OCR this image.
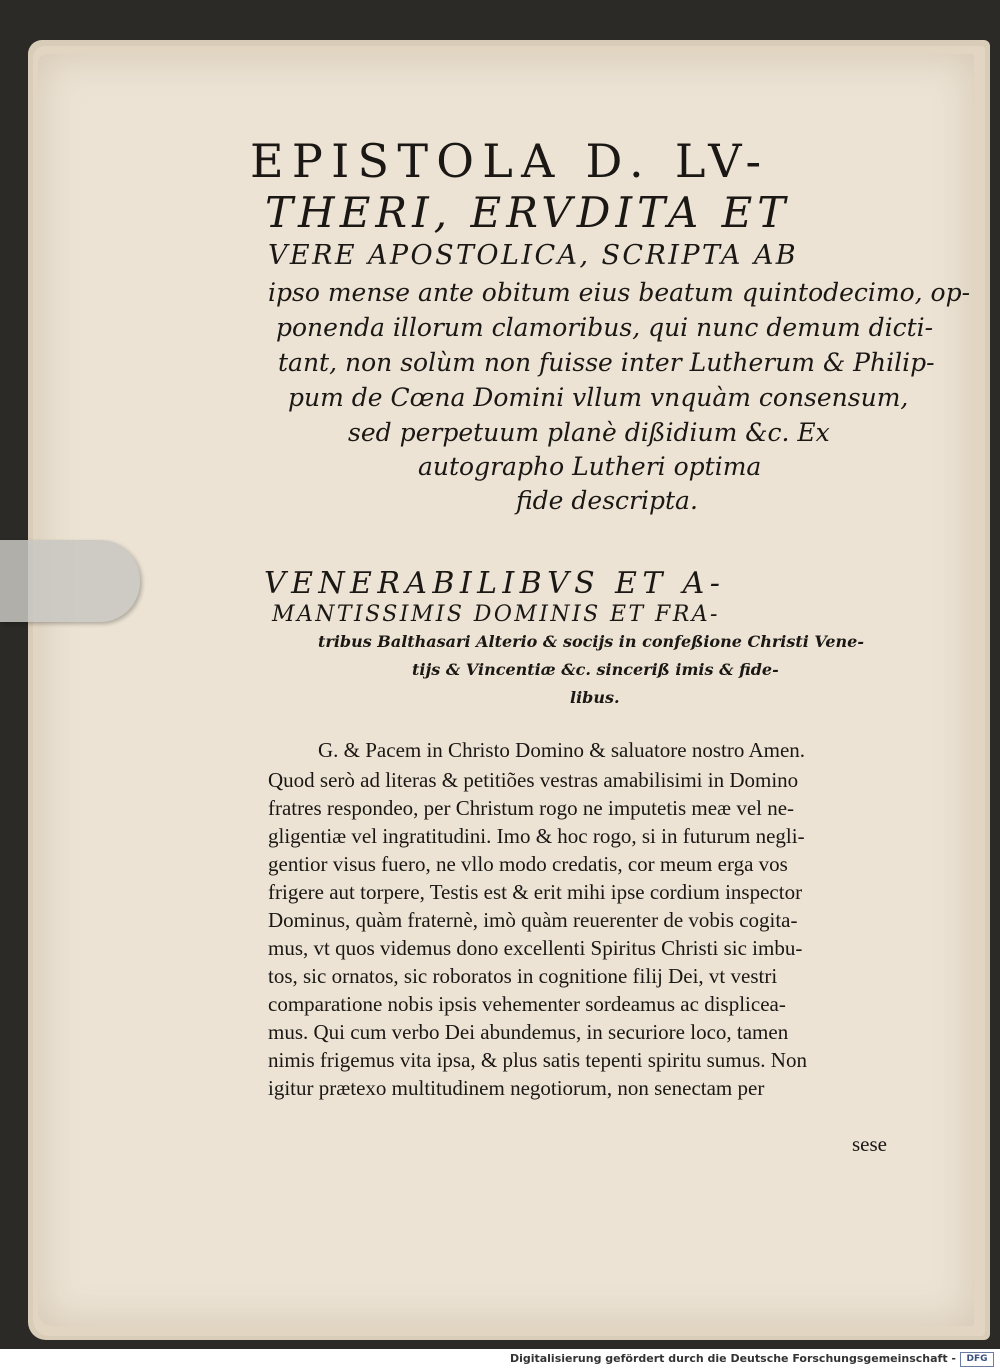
EPISTOLA D. LV-
THERI, ERVDITA ET
VERE APOSTOLICA, SCRIPTA AB
ipso mense ante obitum eius beatum quintodecimo, op-
ponenda illorum clamoribus, qui nunc demum dicti-
tant, non solùm non fuisse inter Lutherum & Philip-
pum de Cœna Domini vllum vnquàm consensum,
sed perpetuum planè dißidium &c. Ex
autographo Lutheri optima
fide descripta.
VENERABILIBVS ET A-
MANTISSIMIS DOMINIS ET FRA-
tribus Balthasari Alterio & socijs in confeßione Christi Vene-
tijs & Vincentiæ &c. sinceriß imis & fide-
libus.
G. & Pacem in Christo Domino & saluatore nostro Amen.
Quod serò ad literas & petitiões vestras amabilisimi in Domino
fratres respondeo, per Christum rogo ne imputetis meæ vel ne-
gligentiæ vel ingratitudini. Imo & hoc rogo, si in futurum negli-
gentior visus fuero, ne vllo modo credatis, cor meum erga vos
frigere aut torpere, Testis est & erit mihi ipse cordium inspector
Dominus, quàm fraternè, imò quàm reuerenter de vobis cogita-
mus, vt quos videmus dono excellenti Spiritus Christi sic imbu-
tos, sic ornatos, sic roboratos in cognitione filij Dei, vt vestri
comparatione nobis ipsis vehementer sordeamus ac displicea-
mus. Qui cum verbo Dei abundemus, in securiore loco, tamen
nimis frigemus vita ipsa, & plus satis tepenti spiritu sumus. Non
igitur prætexo multitudinem negotiorum, non senectam per
sese
Digitalisierung gefördert durch die Deutsche Forschungsgemeinschaft -	DFG
